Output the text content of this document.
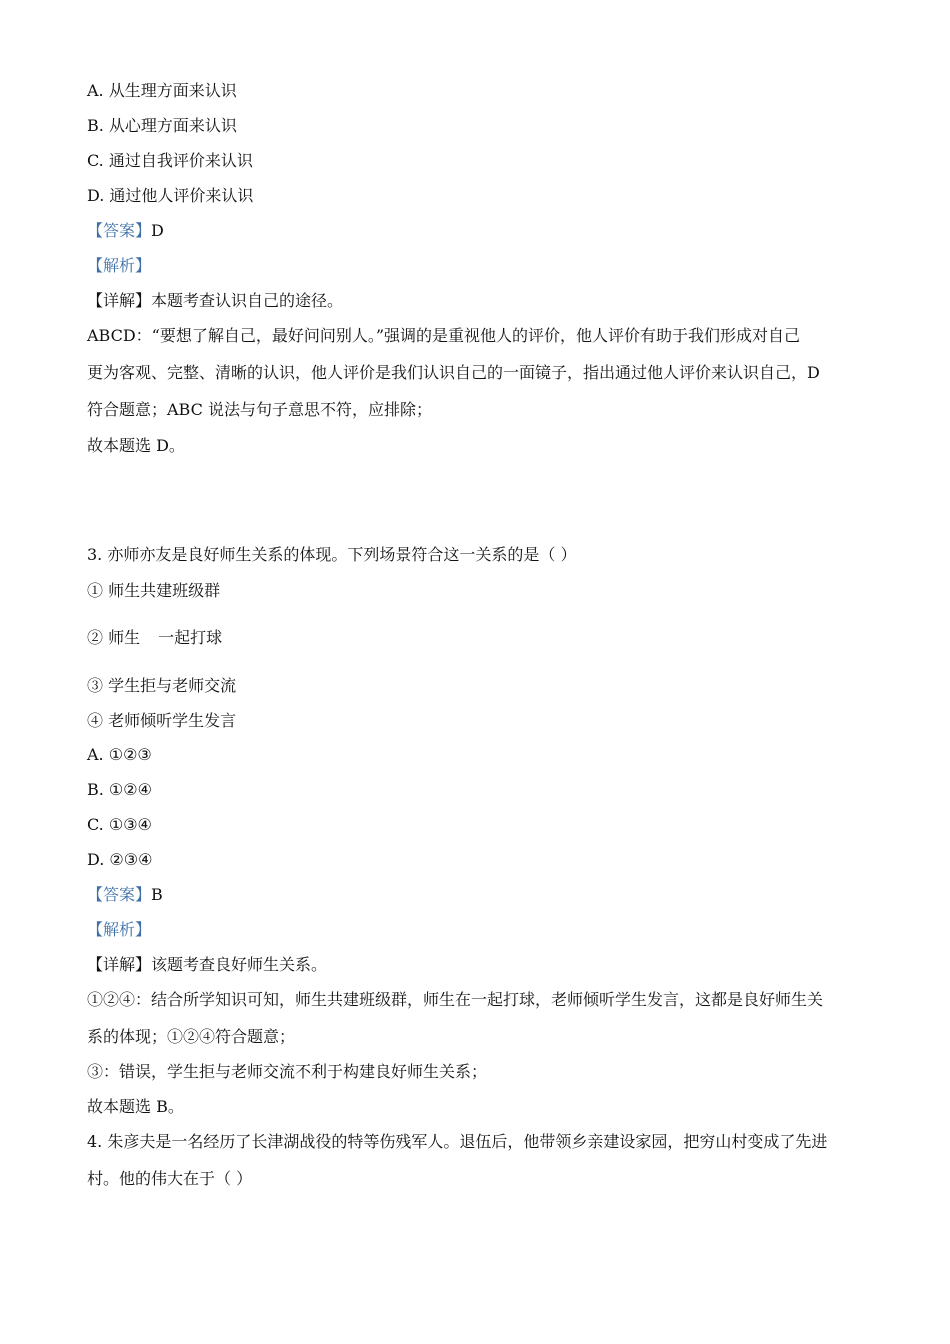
A. 从生理方面来认识
B. 从心理方面来认识
C. 通过自我评价来认识
D. 通过他人评价来认识
【答案】D
【解析】
【详解】本题考查认识自己的途径。
ABCD：“要想了解自己，最好问问别人。”强调的是重视他人的评价，他人评价有助于我们形成对自己
更为客观、完整、清晰的认识，他人评价是我们认识自己的一面镜子，指出通过他人评价来认识自己，D
符合题意；ABC 说法与句子意思不符，应排除；
故本题选 D。
3. 亦师亦友是良好师生关系的体现。下列场景符合这一关系的是（ ）
① 师生共建班级群
② 师生 一起打球
③ 学生拒与老师交流
④ 老师倾听学生发言
A. ①②③
B. ①②④
C. ①③④
D. ②③④
【答案】B
【解析】
【详解】该题考查良好师生关系。
①②④：结合所学知识可知，师生共建班级群，师生在一起打球，老师倾听学生发言，这都是良好师生关
系的体现；①②④符合题意；
③：错误，学生拒与老师交流不利于构建良好师生关系；
故本题选 B。
4. 朱彦夫是一名经历了长津湖战役的特等伤残军人。退伍后，他带领乡亲建设家园，把穷山村变成了先进
村。他的伟大在于（ ）
